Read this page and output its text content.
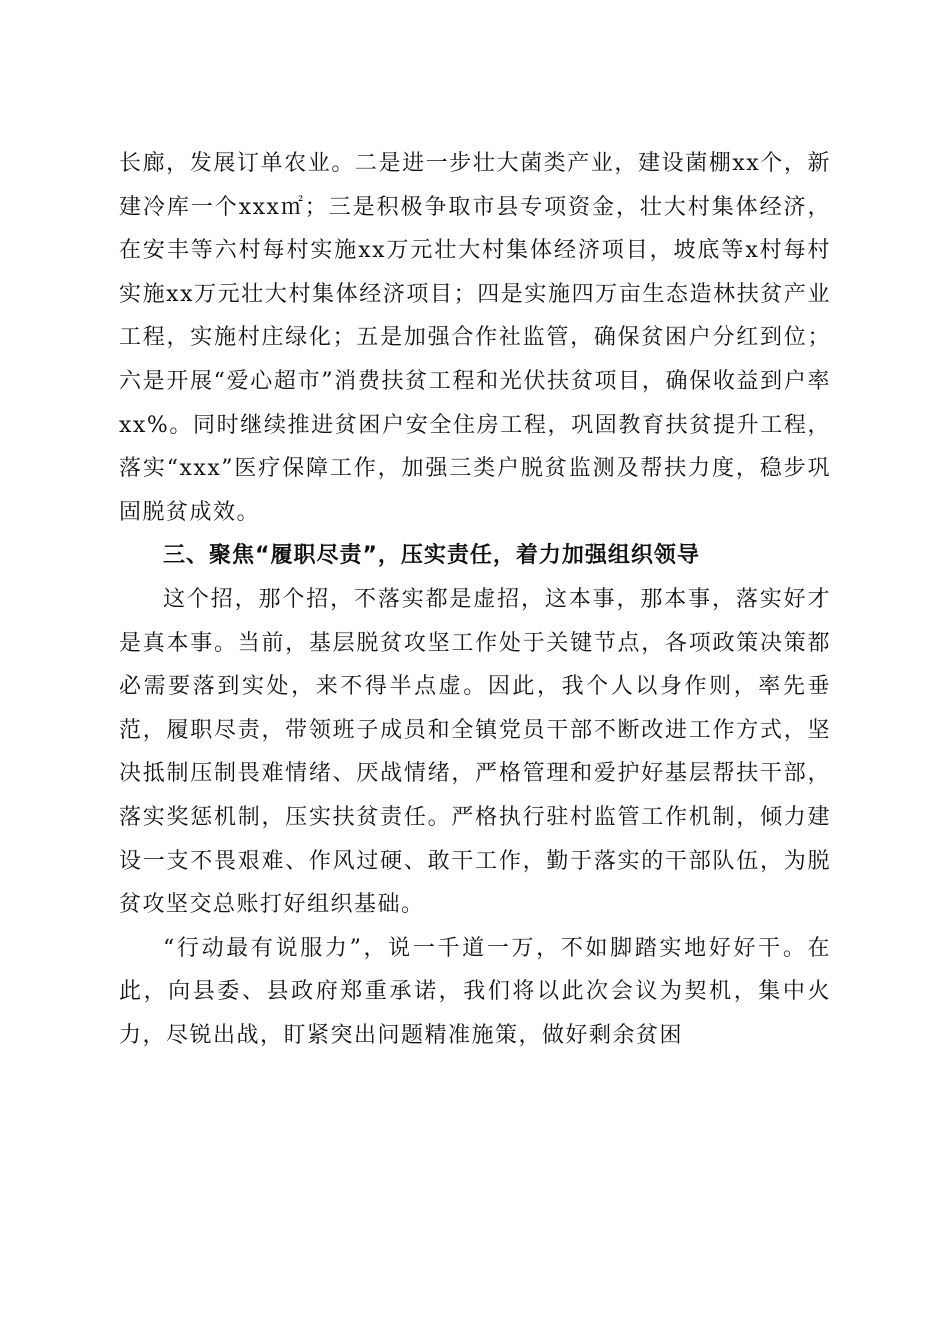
长廊，发展订单农业。二是进一步壮大菌类产业，建设菌棚xx个，新建冷库一个xxx㎡；三是积极争取市县专项资金，壮大村集体经济，在安丰等六村每村实施xx万元壮大村集体经济项目，坡底等x村每村实施xx万元壮大村集体经济项目；四是实施四万亩生态造林扶贫产业工程，实施村庄绿化；五是加强合作社监管，确保贫困户分红到位；六是开展“爱心超市”消费扶贫工程和光伏扶贫项目，确保收益到户率xx%。同时继续推进贫困户安全住房工程，巩固教育扶贫提升工程，落实“xxx”医疗保障工作，加强三类户脱贫监测及帮扶力度，稳步巩固脱贫成效。

三、聚焦“履职尽责”，压实责任，着力加强组织领导

这个招，那个招，不落实都是虚招，这本事，那本事，落实好才是真本事。当前，基层脱贫攻坚工作处于关键节点，各项政策决策都必需要落到实处，来不得半点虚。因此，我个人以身作则，率先垂范，履职尽责，带领班子成员和全镇党员干部不断改进工作方式，坚决抵制压制畏难情绪、厌战情绪，严格管理和爱护好基层帮扶干部，落实奖惩机制，压实扶贫责任。严格执行驻村监管工作机制，倾力建设一支不畏艰难、作风过硬、敢干工作，勤于落实的干部队伍，为脱贫攻坚交总账打好组织基础。

“行动最有说服力”，说一千道一万，不如脚踏实地好好干。在此，向县委、县政府郑重承诺，我们将以此次会议为契机，集中火力，尽锐出战，盯紧突出问题精准施策，做好剩余贫困
